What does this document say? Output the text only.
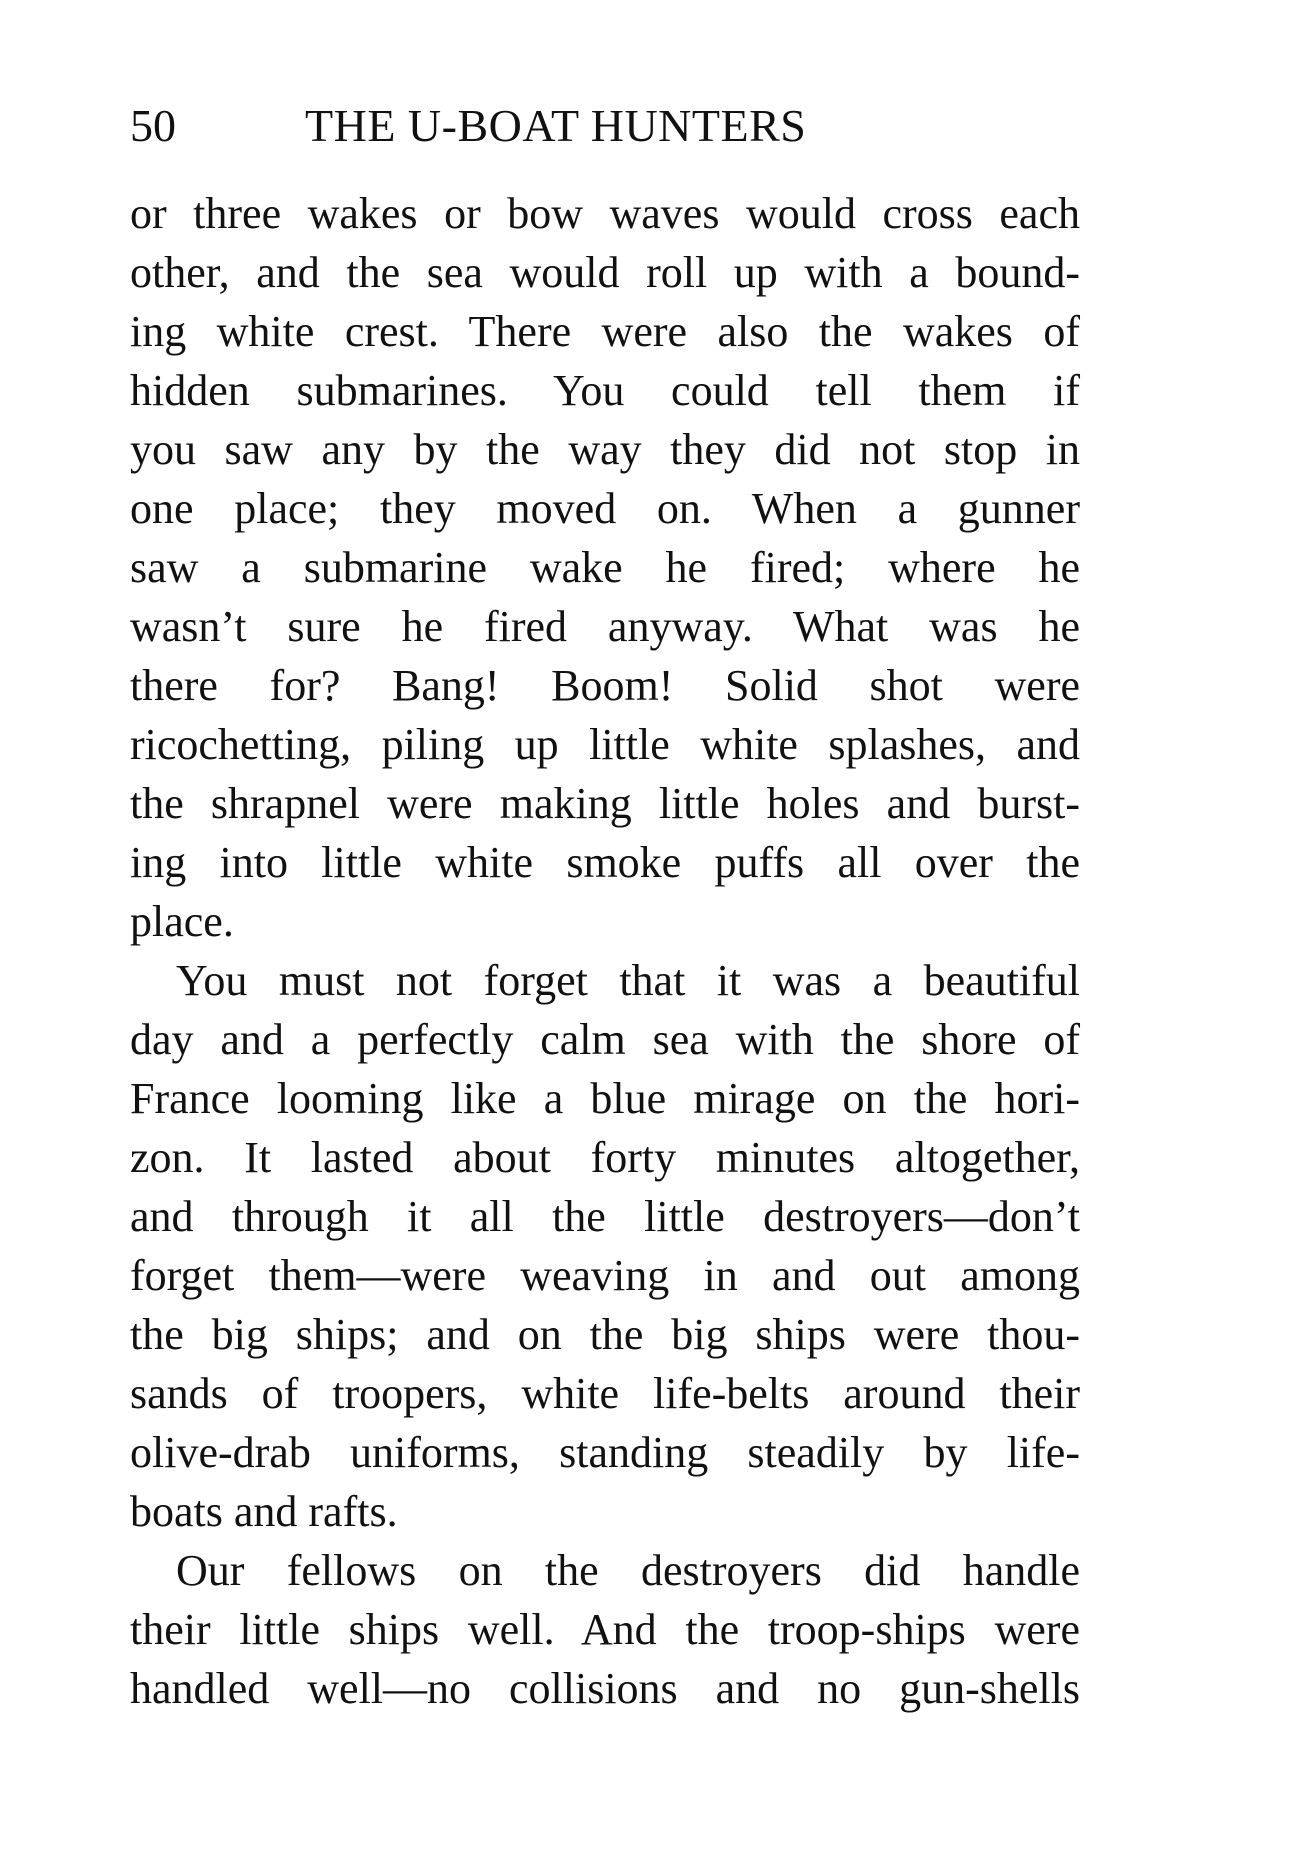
50	THE U-BOAT HUNTERS
or three wakes or bow waves would cross each
other, and the sea would roll up with a bound-
ing white crest. There were also the wakes of
hidden submarines. You could tell them if
you saw any by the way they did not stop in
one place; they moved on. When a gunner
saw a submarine wake he fired; where he
wasn’t sure he fired anyway. What was he
there for? Bang! Boom! Solid shot were
ricochetting, piling up little white splashes, and
the shrapnel were making little holes and burst-
ing into little white smoke puffs all over the
place.
You must not forget that it was a beautiful
day and a perfectly calm sea with the shore of
France looming like a blue mirage on the hori-
zon. It lasted about forty minutes altogether,
and through it all the little destroyers—don’t
forget them—were weaving in and out among
the big ships; and on the big ships were thou-
sands of troopers, white life-belts around their
olive-drab uniforms, standing steadily by life-
boats and rafts.
Our fellows on the destroyers did handle
their little ships well. And the troop-ships were
handled well—no collisions and no gun-shells
